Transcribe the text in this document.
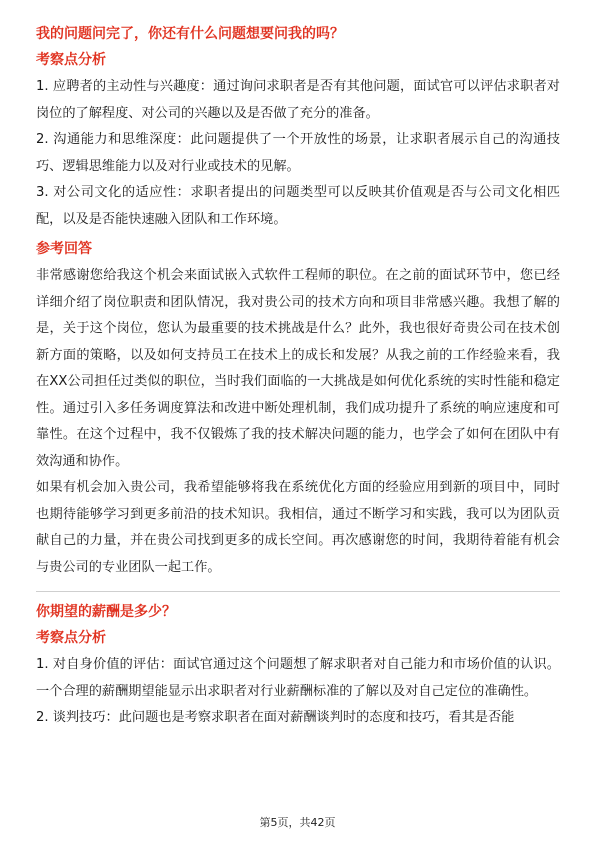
我的问题问完了，你还有什么问题想要问我的吗？
考察点分析

1. 应聘者的主动性与兴趣度：通过询问求职者是否有其他问题，面试官可以评估求职者对岗位的了解程度、对公司的兴趣以及是否做了充分的准备。

2. 沟通能力和思维深度：此问题提供了一个开放性的场景，让求职者展示自己的沟通技巧、逻辑思维能力以及对行业或技术的见解。

3. 对公司文化的适应性：求职者提出的问题类型可以反映其价值观是否与公司文化相匹配，以及是否能快速融入团队和工作环境。

参考回答

非常感谢您给我这个机会来面试嵌入式软件工程师的职位。在之前的面试环节中，您已经详细介绍了岗位职责和团队情况，我对贵公司的技术方向和项目非常感兴趣。我想了解的是，关于这个岗位，您认为最重要的技术挑战是什么？此外，我也很好奇贵公司在技术创新方面的策略，以及如何支持员工在技术上的成长和发展？从我之前的工作经验来看，我在XX公司担任过类似的职位，当时我们面临的一大挑战是如何优化系统的实时性能和稳定性。通过引入多任务调度算法和改进中断处理机制，我们成功提升了系统的响应速度和可靠性。在这个过程中，我不仅锻炼了我的技术解决问题的能力，也学会了如何在团队中有效沟通和协作。

如果有机会加入贵公司，我希望能够将我在系统优化方面的经验应用到新的项目中，同时也期待能够学习到更多前沿的技术知识。我相信，通过不断学习和实践，我可以为团队贡献自己的力量，并在贵公司找到更多的成长空间。再次感谢您的时间，我期待着能有机会与贵公司的专业团队一起工作。

你期望的薪酬是多少？
考察点分析

1. 对自身价值的评估：面试官通过这个问题想了解求职者对自己能力和市场价值的认识。一个合理的薪酬期望能显示出求职者对行业薪酬标准的了解以及对自己定位的准确性。

2. 谈判技巧：此问题也是考察求职者在面对薪酬谈判时的态度和技巧，看其是否能

第5页，共42页
